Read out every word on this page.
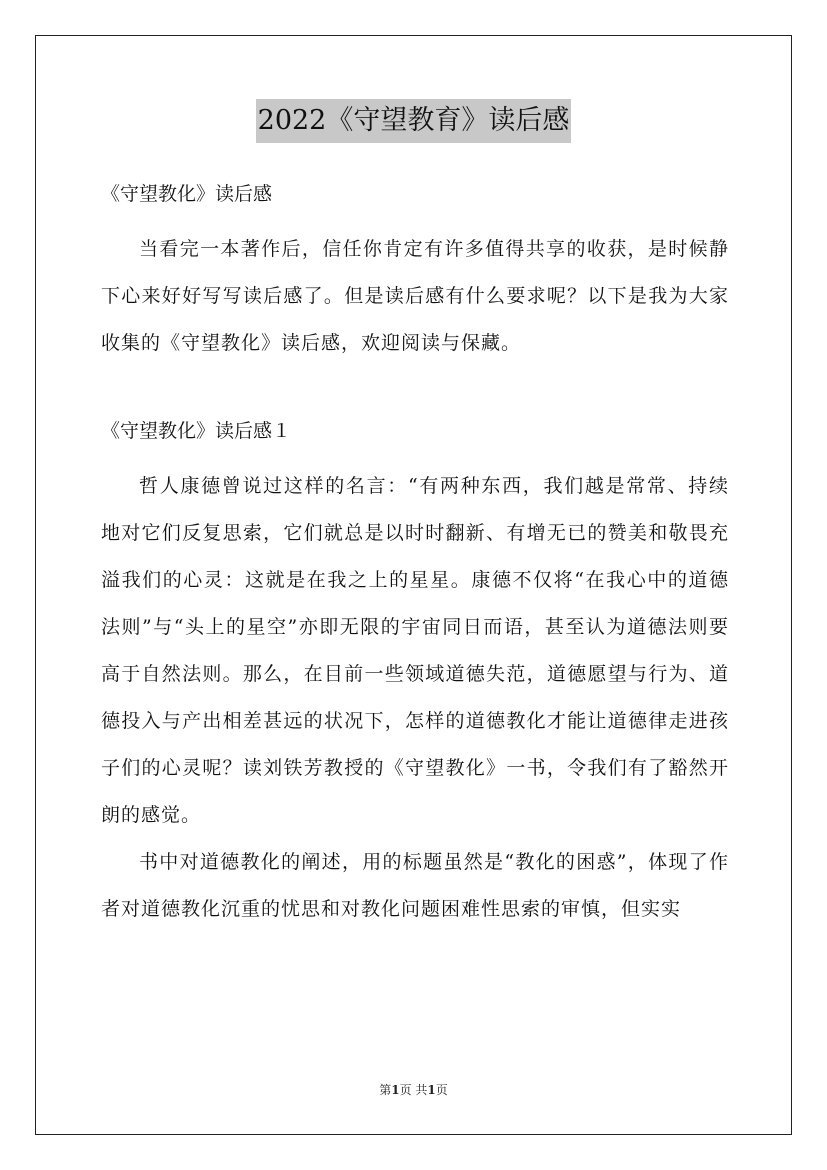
2022《守望教育》读后感

《守望教化》读后感

当看完一本著作后，信任你肯定有许多值得共享的收获，是时候静下心来好好写写读后感了。但是读后感有什么要求呢？以下是我为大家收集的《守望教化》读后感，欢迎阅读与保藏。

《守望教化》读后感１

哲人康德曾说过这样的名言：“有两种东西，我们越是常常、持续地对它们反复思索，它们就总是以时时翻新、有增无已的赞美和敬畏充溢我们的心灵：这就是在我之上的星星。康德不仅将“在我心中的道德法则”与“头上的星空”亦即无限的宇宙同日而语，甚至认为道德法则要高于自然法则。那么，在目前一些领域道德失范，道德愿望与行为、道德投入与产出相差甚远的状况下，怎样的道德教化才能让道德律走进孩子们的心灵呢？读刘铁芳教授的《守望教化》一书，令我们有了豁然开朗的感觉。

书中对道德教化的阐述，用的标题虽然是“教化的困惑”，体现了作者对道德教化沉重的忧思和对教化问题困难性思索的审慎，但实实

第1页 共1页
